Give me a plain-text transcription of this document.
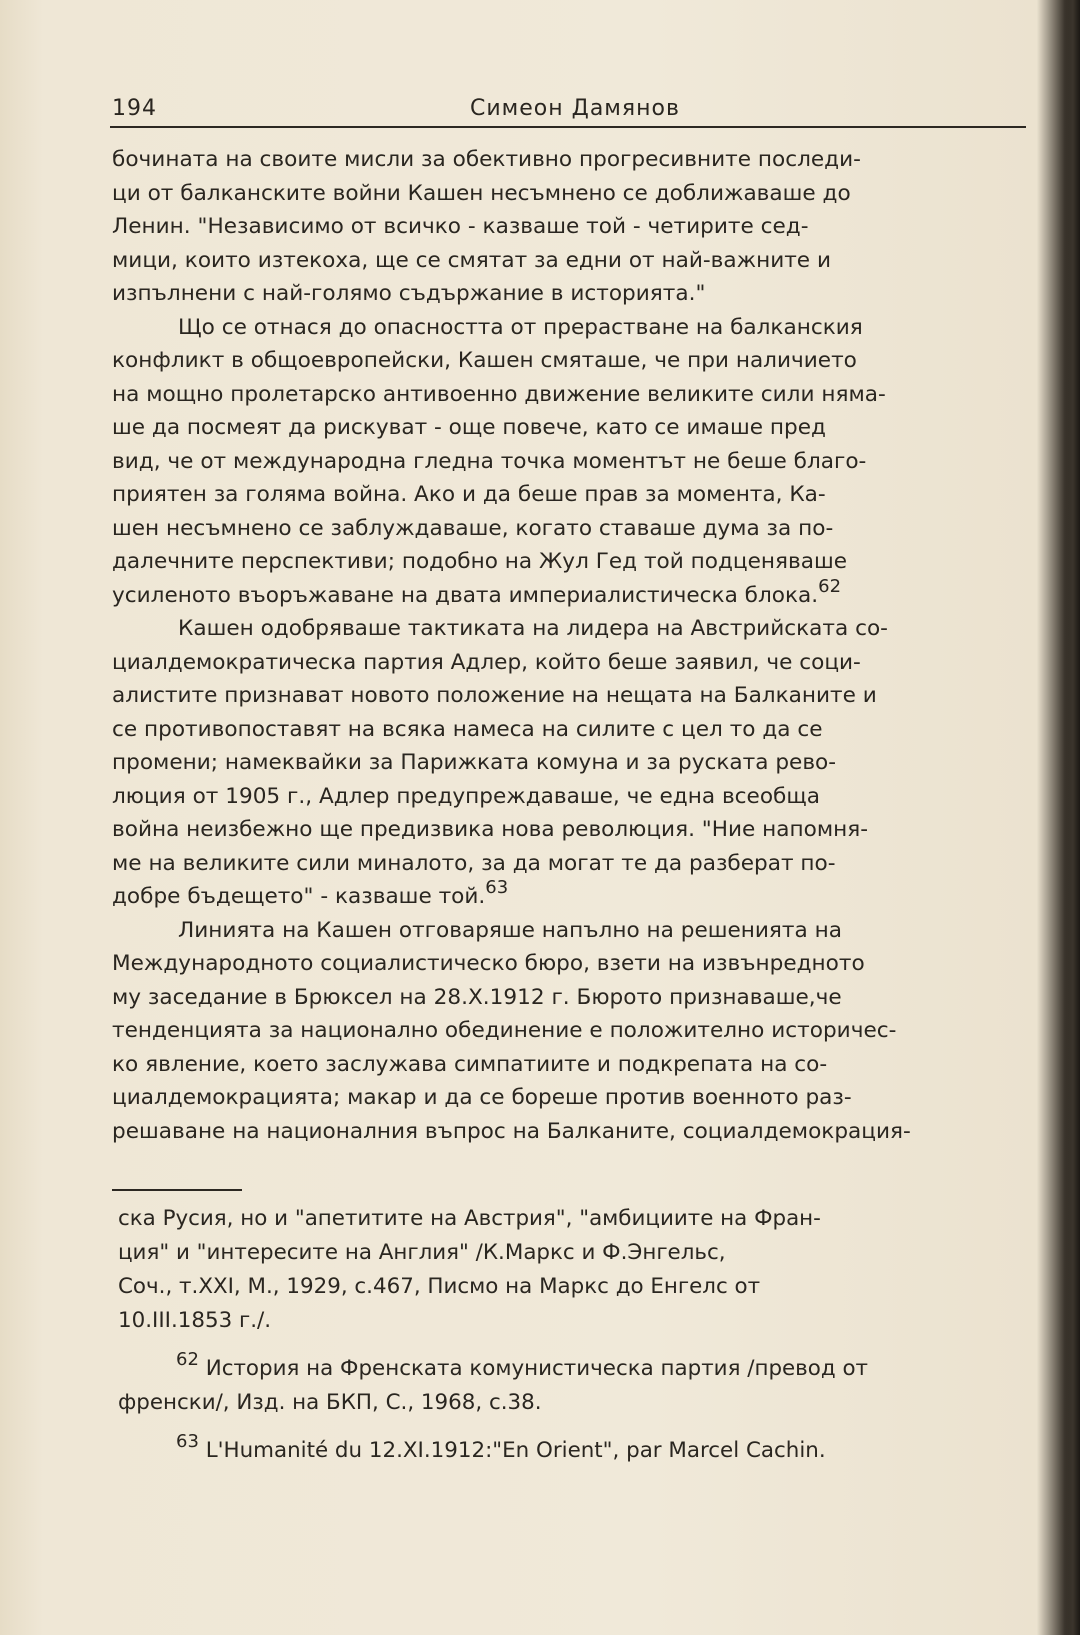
194	Симеон Дамянов
бочината на своите мисли за обективно прогресивните последи-
ци от балканските войни Кашен несъмнено се доближаваше до
Ленин. "Независимо от всичко - казваше той - четирите сед-
мици, които изтекоха, ще се смятат за едни от най-важните и
изпълнени с най-голямо съдържание в историята."
Що се отнася до опасността от прерастване на балканския
конфликт в общоевропейски, Кашен смяташе, че при наличието
на мощно пролетарско антивоенно движение великите сили няма-
ше да посмеят да рискуват - още повече, като се имаше пред
вид, че от международна гледна точка моментът не беше благо-
приятен за голяма война. Ако и да беше прав за момента, Ка-
шен несъмнено се заблуждаваше, когато ставаше дума за по-
далечните перспективи; подобно на Жул Гед той подценяваше
усиленото въоръжаване на двата империалистическа блока.$^{62}$
Кашен одобряваше тактиката на лидера на Австрийската со-
циалдемократическа партия Адлер, който беше заявил, че соци-
алистите признават новото положение на нещата на Балканите и
се противопоставят на всяка намеса на силите с цел то да се
промени; намеквайки за Парижката комуна и за руската рево-
люция от 1905 г., Адлер предупреждаваше, че една всеобща
война неизбежно ще предизвика нова революция. "Ние напомня-
ме на великите сили миналото, за да могат те да разберат по-
добре бъдещето" - казваше той.$^{63}$
Линията на Кашен отговаряше напълно на решенията на
Международното социалистическо бюро, взети на извънредното
му заседание в Брюксел на 28.X.1912 г. Бюрото признаваше,че
тенденцията за национално обединение е положително историчес-
ко явление, което заслужава симпатиите и подкрепата на со-
циалдемокрацията; макар и да се бореше против военното раз-
решаване на националния въпрос на Балканите, социалдемокрация-
ска Русия, но и "апетитите на Австрия", "амбициите на Фран-
ция" и "интересите на Англия" /К.Маркс и Ф.Энгельс,
Соч., т.XXI, М., 1929, с.467, Писмо на Маркс до Енгелс от
10.III.1853 г./.
$^{62}$ История на Френската комунистическа партия /превод от
френски/, Изд. на БКП, С., 1968, с.38.
$^{63}$ L'Humanité du 12.XI.1912:"En Orient", par Marcel Cachin.
